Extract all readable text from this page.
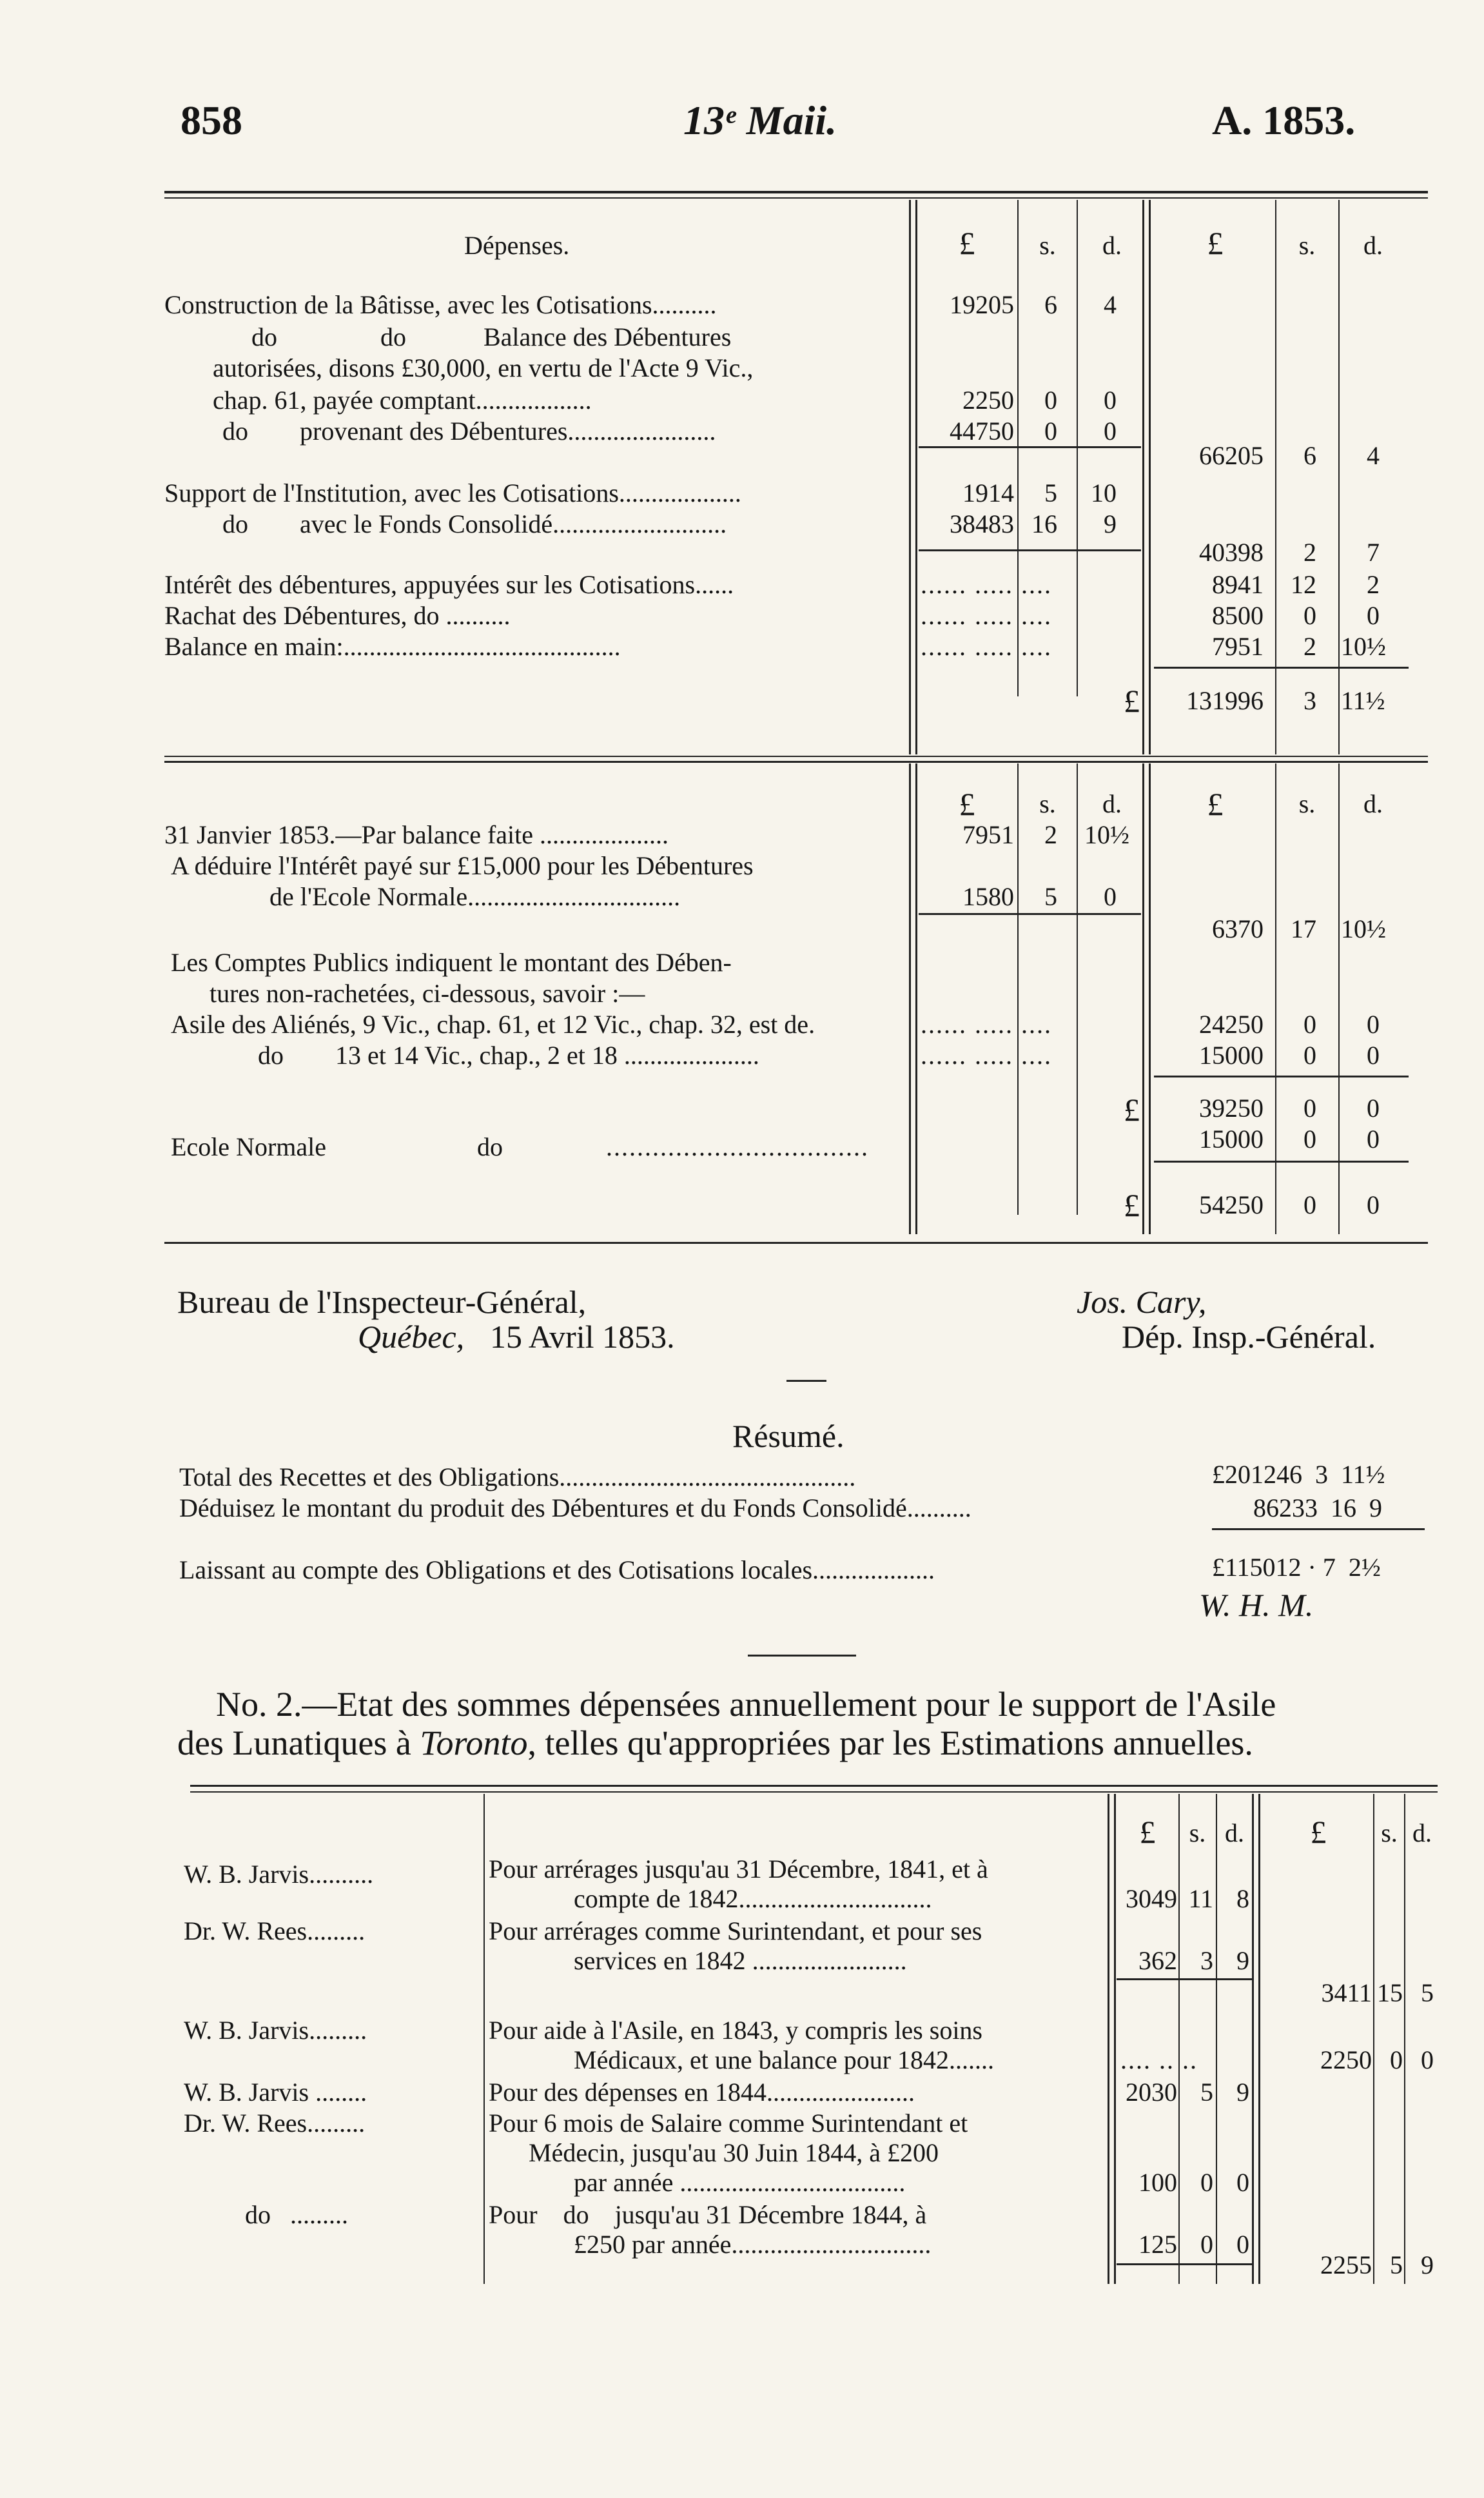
858	13ᵉ Maii.	A. 1853.
Dépenses.	£	s.	d.	£	s.	d.
Construction de la Bâtisse, avec les Cotisations..........	19205	6	4
do                do            Balance des Débentures
autorisées, disons £30,000, en vertu de l'Acte 9 Vic.,
chap. 61, payée comptant..................	2250	0	0
do        provenant des Débentures.......................	44750	0	0
66205	6	4
Support de l'Institution, avec les Cotisations...................	1914	5	10
do        avec le Fonds Consolidé...........................	38483 16	9
40398	2	7
Intérêt des débentures, appuyées sur les Cotisations......	...... ..... ....	8941	12	2
Rachat des Débentures, do ..........	...... ..... ....	8500	0	0
Balance en main:...........................................	...... ..... ....	7951	2 10½
£	131996	3 11½
£	s.	d.	£	s.	d.
31 Janvier 1853.—Par balance faite ....................	7951	2 10½
A déduire l'Intérêt payé sur £15,000 pour les Débentures
de l'Ecole Normale.................................	1580	5	0
6370	17 10½
Les Comptes Publics indiquent le montant des Dében-
tures non-rachetées, ci-dessous, savoir :—
Asile des Aliénés, 9 Vic., chap. 61, et 12 Vic., chap. 32, est de.	...... ..... ....	24250	0	0
do        13 et 14 Vic., chap., 2 et 18 .....................	...... ..... ....	15000	0	0
£	39250	0	0
Ecole Normale	do	..................................	15000	0	0
£	54250	0	0
Bureau de l'Inspecteur-Général,
Québec, 15 Avril 1853.
Jos. Cary,
Dép. Insp.-Général.
Résumé.
Total des Recettes et des Obligations..............................................	£201246  3  11½
Déduisez le montant du produit des Débentures et du Fonds Consolidé..........	86233  16  9
Laissant au compte des Obligations et des Cotisations locales...................	£115012 · 7  2½
W. H. M.
No. 2.—Etat des sommes dépensées annuellement pour le support de l'Asile
des Lunatiques à Toronto, telles qu'appropriées par les Estimations annuelles.
£	s. d.	£	s. d.
W. B. Jarvis..........	Pour arrérages jusqu'au 31 Décembre, 1841, et à
compte de 1842..............................	3049 11 8
Dr. W. Rees.........	Pour arrérages comme Surintendant, et pour ses
services en 1842 ........................	362 3 9
3411 15 5
W. B. Jarvis.........	Pour aide à l'Asile, en 1843, y compris les soins
Médicaux, et une balance pour 1842.......	.... .. ..	2250 0 0
W. B. Jarvis ........	Pour des dépenses en 1844.......................	2030 5 9
Dr. W. Rees.........	Pour 6 mois de Salaire comme Surintendant et
Médecin, jusqu'au 30 Juin 1844, à £200
par année ...................................	100 0 0
do   .........	Pour    do    jusqu'au 31 Décembre 1844, à
£250 par année...............................	125 0 0
2255 5 9
